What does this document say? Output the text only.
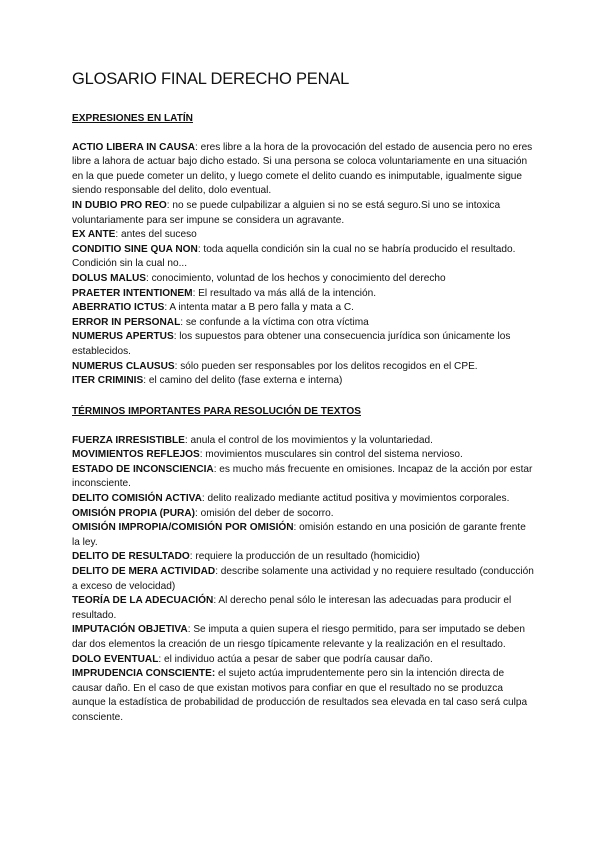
GLOSARIO FINAL DERECHO PENAL

EXPRESIONES EN LATÍN

ACTIO LIBERA IN CAUSA: eres libre a la hora de la provocación del estado de ausencia pero no eres libre a lahora de actuar bajo dicho estado. Si una persona se coloca voluntariamente en una situación en la que puede cometer un delito, y luego comete el delito cuando es inimputable, igualmente sigue siendo responsable del delito, dolo eventual.

IN DUBIO PRO REO: no se puede culpabilizar a alguien si no se está seguro.Si uno se intoxica voluntariamente para ser impune se considera un agravante.

EX ANTE: antes del suceso

CONDITIO SINE QUA NON: toda aquella condición sin la cual no se habría producido el resultado. Condición sin la cual no...

DOLUS MALUS: conocimiento, voluntad de los hechos y conocimiento del derecho

PRAETER INTENTIONEM: El resultado va más allá de la intención.

ABERRATIO ICTUS: A intenta matar a B pero falla y mata a C.

ERROR IN PERSONAL: se confunde a la víctima con otra víctima

NUMERUS APERTUS: los supuestos para obtener una consecuencia jurídica son únicamente los establecidos.

NUMERUS CLAUSUS: sólo pueden ser responsables por los delitos recogidos en el CPE.

ITER CRIMINIS: el camino del delito (fase externa e interna)

TÉRMINOS IMPORTANTES PARA RESOLUCIÓN DE TEXTOS

FUERZA IRRESISTIBLE: anula el control de los movimientos y la voluntariedad.

MOVIMIENTOS REFLEJOS: movimientos musculares sin control del sistema nervioso.

ESTADO DE INCONSCIENCIA: es mucho más frecuente en omisiones. Incapaz de la acción por estar inconsciente.

DELITO COMISIÓN ACTIVA: delito realizado mediante actitud positiva y movimientos corporales.

OMISIÓN PROPIA (PURA): omisión del deber de socorro.

OMISIÓN IMPROPIA/COMISIÓN POR OMISIÓN: omisión estando en una posición de garante frente la ley.

DELITO DE RESULTADO: requiere la producción de un resultado (homicidio)

DELITO DE MERA ACTIVIDAD: describe solamente una actividad y no requiere resultado (conducción a exceso de velocidad)

TEORÍA DE LA ADECUACIÓN: Al derecho penal sólo le interesan las adecuadas para producir el resultado.

IMPUTACIÓN OBJETIVA: Se imputa a quien supera el riesgo permitido, para ser imputado se deben dar dos elementos la creación de un riesgo típicamente relevante y la realización en el resultado.

DOLO EVENTUAL: el individuo actúa a pesar de saber que podría causar daño.

IMPRUDENCIA CONSCIENTE: el sujeto actúa imprudentemente pero sin la intención directa de causar daño. En el caso de que existan motivos para confiar en que el resultado no se produzca aunque la estadística de probabilidad de producción de resultados sea elevada en tal caso será culpa consciente.
